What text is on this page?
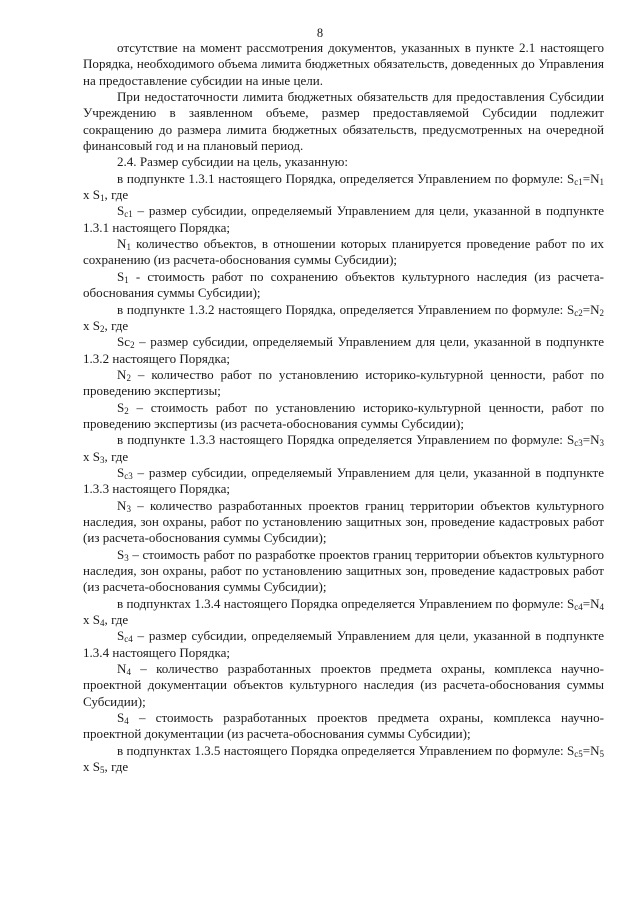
8

отсутствие на момент рассмотрения документов, указанных в пункте 2.1 настоящего Порядка, необходимого объема лимита бюджетных обязательств, доведенных до Управления на предоставление субсидии на иные цели.

При недостаточности лимита бюджетных обязательств для предоставления Субсидии Учреждению в заявленном объеме, размер предоставляемой Субсидии подлежит сокращению до размера лимита бюджетных обязательств, предусмотренных на очередной финансовый год и на плановый период.

2.4. Размер субсидии на цель, указанную:

в подпункте 1.3.1 настоящего Порядка, определяется Управлением по формуле: $S_{c1}=N_1$ x $S_1$, где

$S_{c1}$ – размер субсидии, определяемый Управлением для цели, указанной в подпункте 1.3.1 настоящего Порядка;

$N_1$ количество объектов, в отношении которых планируется проведение работ по их сохранению (из расчета-обоснования суммы Субсидии);

$S_1$ - стоимость работ по сохранению объектов культурного наследия (из расчета-обоснования суммы Субсидии);

в подпункте 1.3.2 настоящего Порядка, определяется Управлением по формуле: $S_{c2}=N_2$ x $S_2$, где

$Sc_2$ – размер субсидии, определяемый Управлением для цели, указанной в подпункте 1.3.2 настоящего Порядка;

$N_2$ – количество работ по установлению историко-культурной ценности, работ по проведению экспертизы;

$S_2$ – стоимость работ по установлению историко-культурной ценности, работ по проведению экспертизы (из расчета-обоснования суммы Субсидии);

в подпункте 1.3.3 настоящего Порядка определяется Управлением по формуле: $S_{c3}=N_3$ x $S_3$, где

$S_{c3}$ – размер субсидии, определяемый Управлением для цели, указанной в подпункте 1.3.3 настоящего Порядка;

$N_3$ – количество разработанных проектов границ территории объектов культурного наследия, зон охраны, работ по установлению защитных зон, проведение кадастровых работ (из расчета-обоснования суммы Субсидии);

$S_3$ – стоимость работ по разработке проектов границ территории объектов культурного наследия, зон охраны, работ по установлению защитных зон, проведение кадастровых работ (из расчета-обоснования суммы Субсидии);

в подпунктах 1.3.4 настоящего Порядка определяется Управлением по формуле: $S_{c4}=N_4$ x $S_4$, где

$S_{c4}$ – размер субсидии, определяемый Управлением для цели, указанной в подпункте 1.3.4 настоящего Порядка;

$N_4$ – количество разработанных проектов предмета охраны, комплекса научно-проектной документации объектов культурного наследия (из расчета-обоснования суммы Субсидии);

$S_4$ – стоимость разработанных проектов предмета охраны, комплекса научно-проектной документации (из расчета-обоснования суммы Субсидии);

в подпунктах 1.3.5 настоящего Порядка определяется Управлением по формуле: $S_{c5}=N_5$ x $S_5$, где
